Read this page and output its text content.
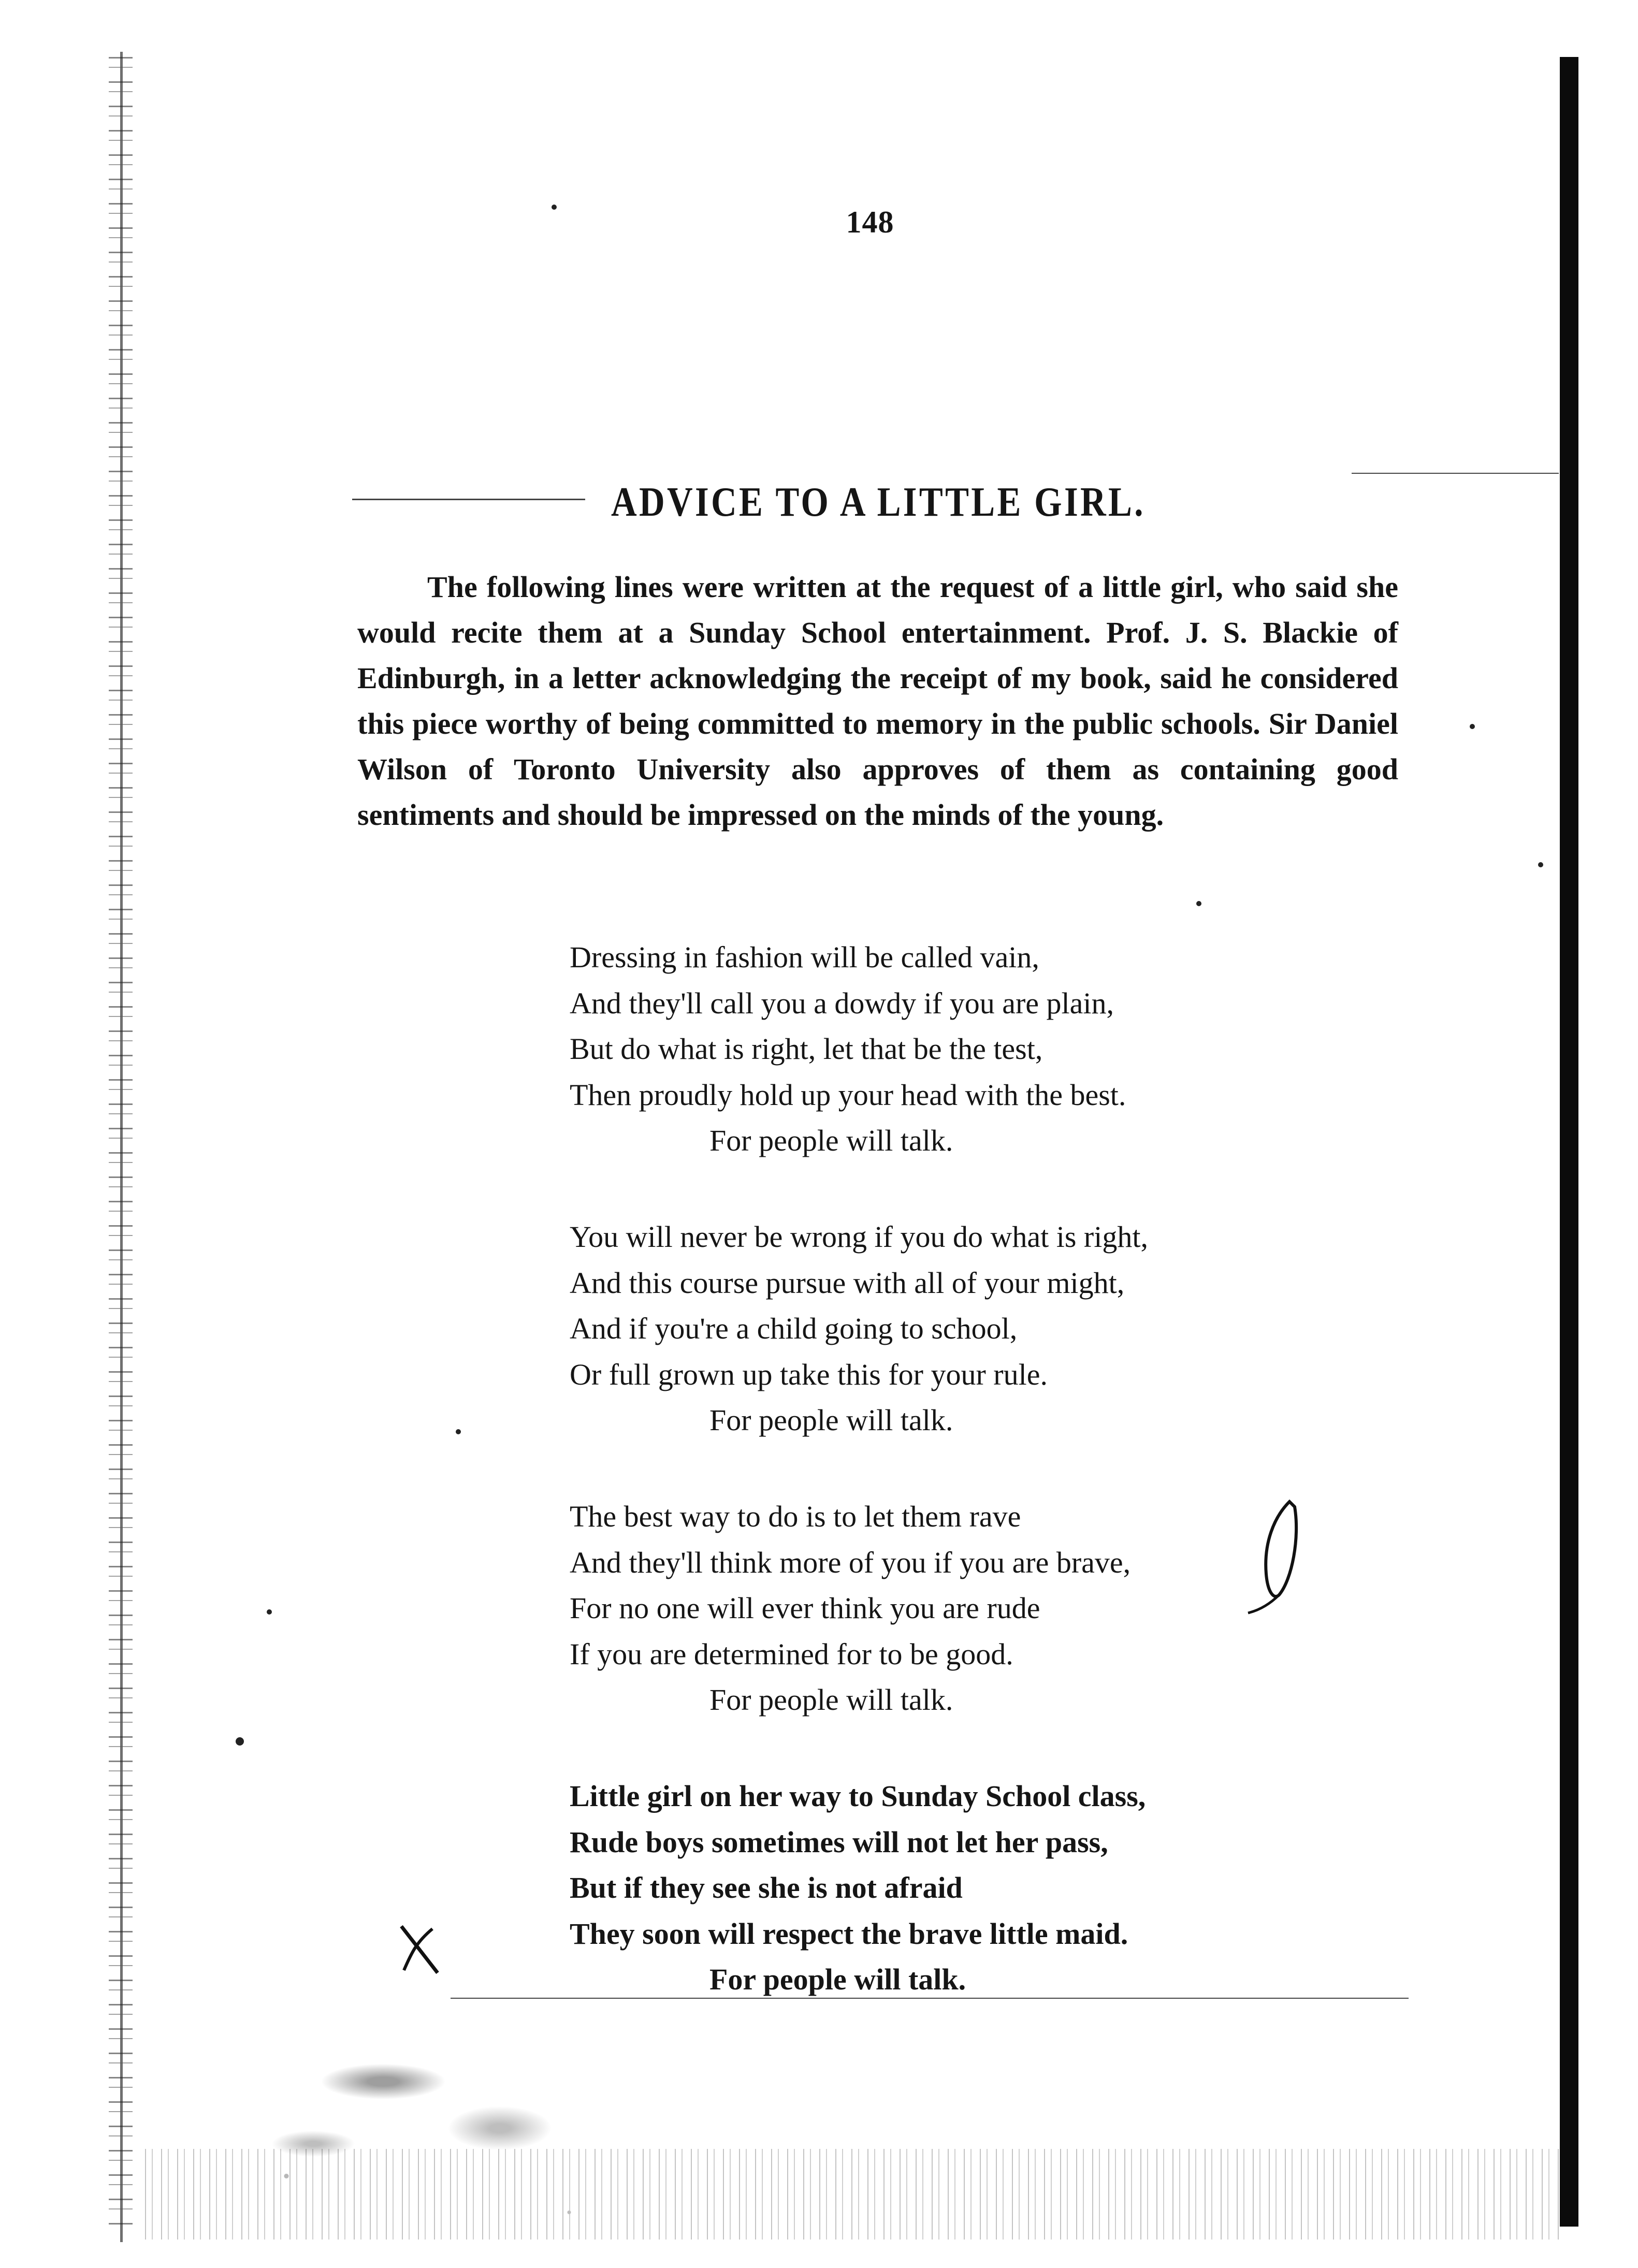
148
ADVICE TO A LITTLE GIRL.

The following lines were written at the request of a little girl, who said she would recite them at a Sunday School entertainment. Prof. J. S. Blackie of Edinburgh, in a letter acknowledging the receipt of my book, said he considered this piece worthy of being committed to memory in the public schools. Sir Daniel Wilson of Toronto University also approves of them as containing good sentiments and should be impressed on the minds of the young.

Dressing in fashion will be called vain,
And they'll call you a dowdy if you are plain,
But do what is right, let that be the test,
Then proudly hold up your head with the best.
For people will talk.
You will never be wrong if you do what is right,
And this course pursue with all of your might,
And if you're a child going to school,
Or full grown up take this for your rule.
For people will talk.
The best way to do is to let them rave
And they'll think more of you if you are brave,
For no one will ever think you are rude
If you are determined for to be good.
For people will talk.
Little girl on her way to Sunday School class,
Rude boys sometimes will not let her pass,
But if they see she is not afraid
They soon will respect the brave little maid.
For people will talk.
